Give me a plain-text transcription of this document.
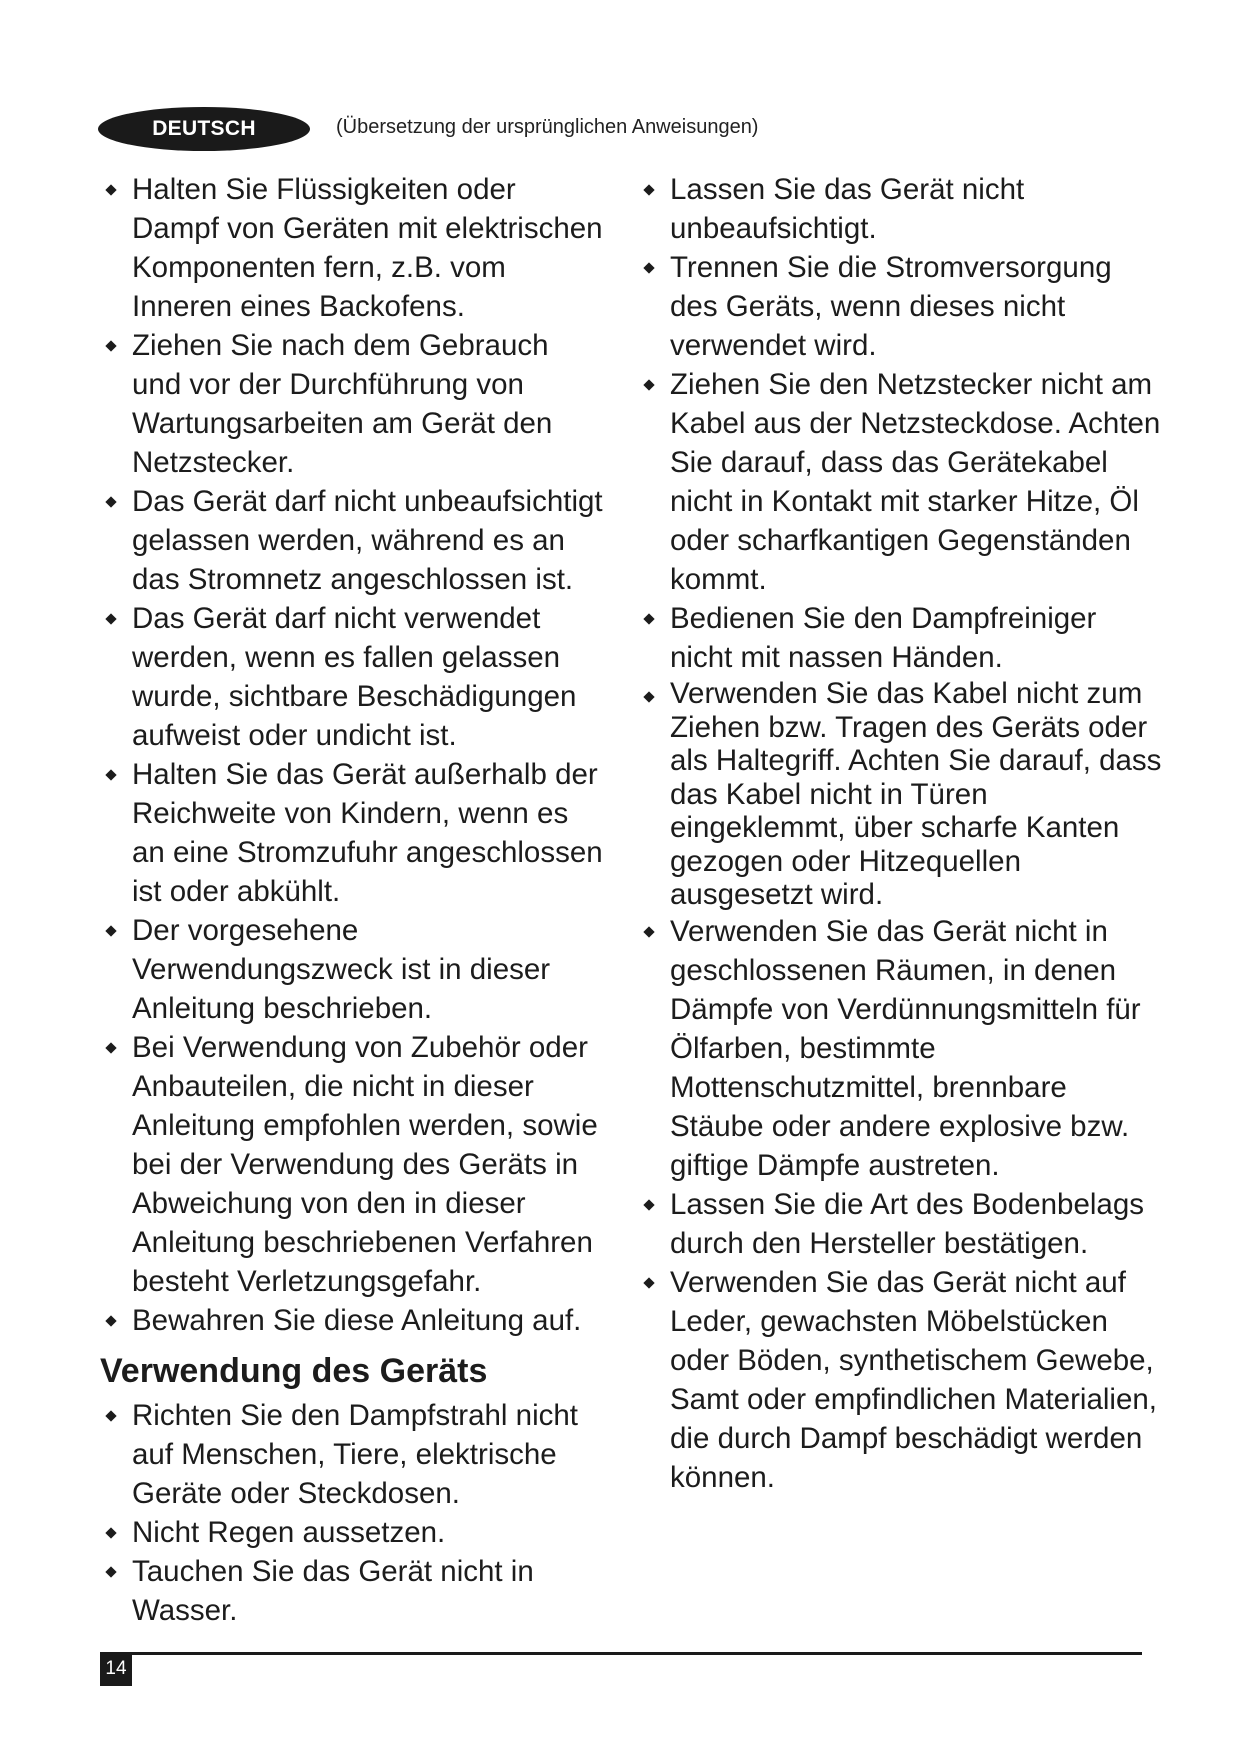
DEUTSCH	(Übersetzung der ursprünglichen Anweisungen)
Halten Sie Flüssigkeiten oder Dampf von Geräten mit elektrischen Komponenten fern, z.B. vom Inneren eines Backofens.
Ziehen Sie nach dem Gebrauch und vor der Durchführung von Wartungsarbeiten am Gerät den Netzstecker.
Das Gerät darf nicht unbeaufsichtigt gelassen werden, während es an das Stromnetz angeschlossen ist.
Das Gerät darf nicht verwendet werden, wenn es fallen gelassen wurde, sichtbare Beschädigungen aufweist oder undicht ist.
Halten Sie das Gerät außerhalb der Reichweite von Kindern, wenn es an eine Stromzufuhr angeschlossen ist oder abkühlt.
Der vorgesehene Verwendungszweck ist in dieser Anleitung beschrieben.
Bei Verwendung von Zubehör oder Anbauteilen, die nicht in dieser Anleitung empfohlen werden, sowie bei der Verwendung des Geräts in Abweichung von den in dieser Anleitung beschriebenen Verfahren besteht Verletzungsgefahr.
Bewahren Sie diese Anleitung auf.
Verwendung des Geräts
Richten Sie den Dampfstrahl nicht auf Menschen, Tiere, elektrische Geräte oder Steckdosen.
Nicht Regen aussetzen.
Tauchen Sie das Gerät nicht in Wasser.
Lassen Sie das Gerät nicht unbeaufsichtigt.
Trennen Sie die Stromversorgung des Geräts, wenn dieses nicht verwendet wird.
Ziehen Sie den Netzstecker nicht am Kabel aus der Netzsteckdose. Achten Sie darauf, dass das Gerätekabel nicht in Kontakt mit starker Hitze, Öl oder scharfkantigen Gegenständen kommt.
Bedienen Sie den Dampfreiniger nicht mit nassen Händen.
Verwenden Sie das Kabel nicht zum Ziehen bzw. Tragen des Geräts oder als Haltegriff. Achten Sie darauf, dass das Kabel nicht in Türen eingeklemmt, über scharfe Kanten gezogen oder Hitzequellen ausgesetzt wird.
Verwenden Sie das Gerät nicht in geschlossenen Räumen, in denen Dämpfe von Verdünnungsmitteln für Ölfarben, bestimmte Mottenschutzmittel, brennbare Stäube oder andere explosive bzw. giftige Dämpfe austreten.
Lassen Sie die Art des Bodenbelags durch den Hersteller bestätigen.
Verwenden Sie das Gerät nicht auf Leder, gewachsten Möbelstücken oder Böden, synthetischem Gewebe, Samt oder empfindlichen Materialien, die durch Dampf beschädigt werden können.
14
